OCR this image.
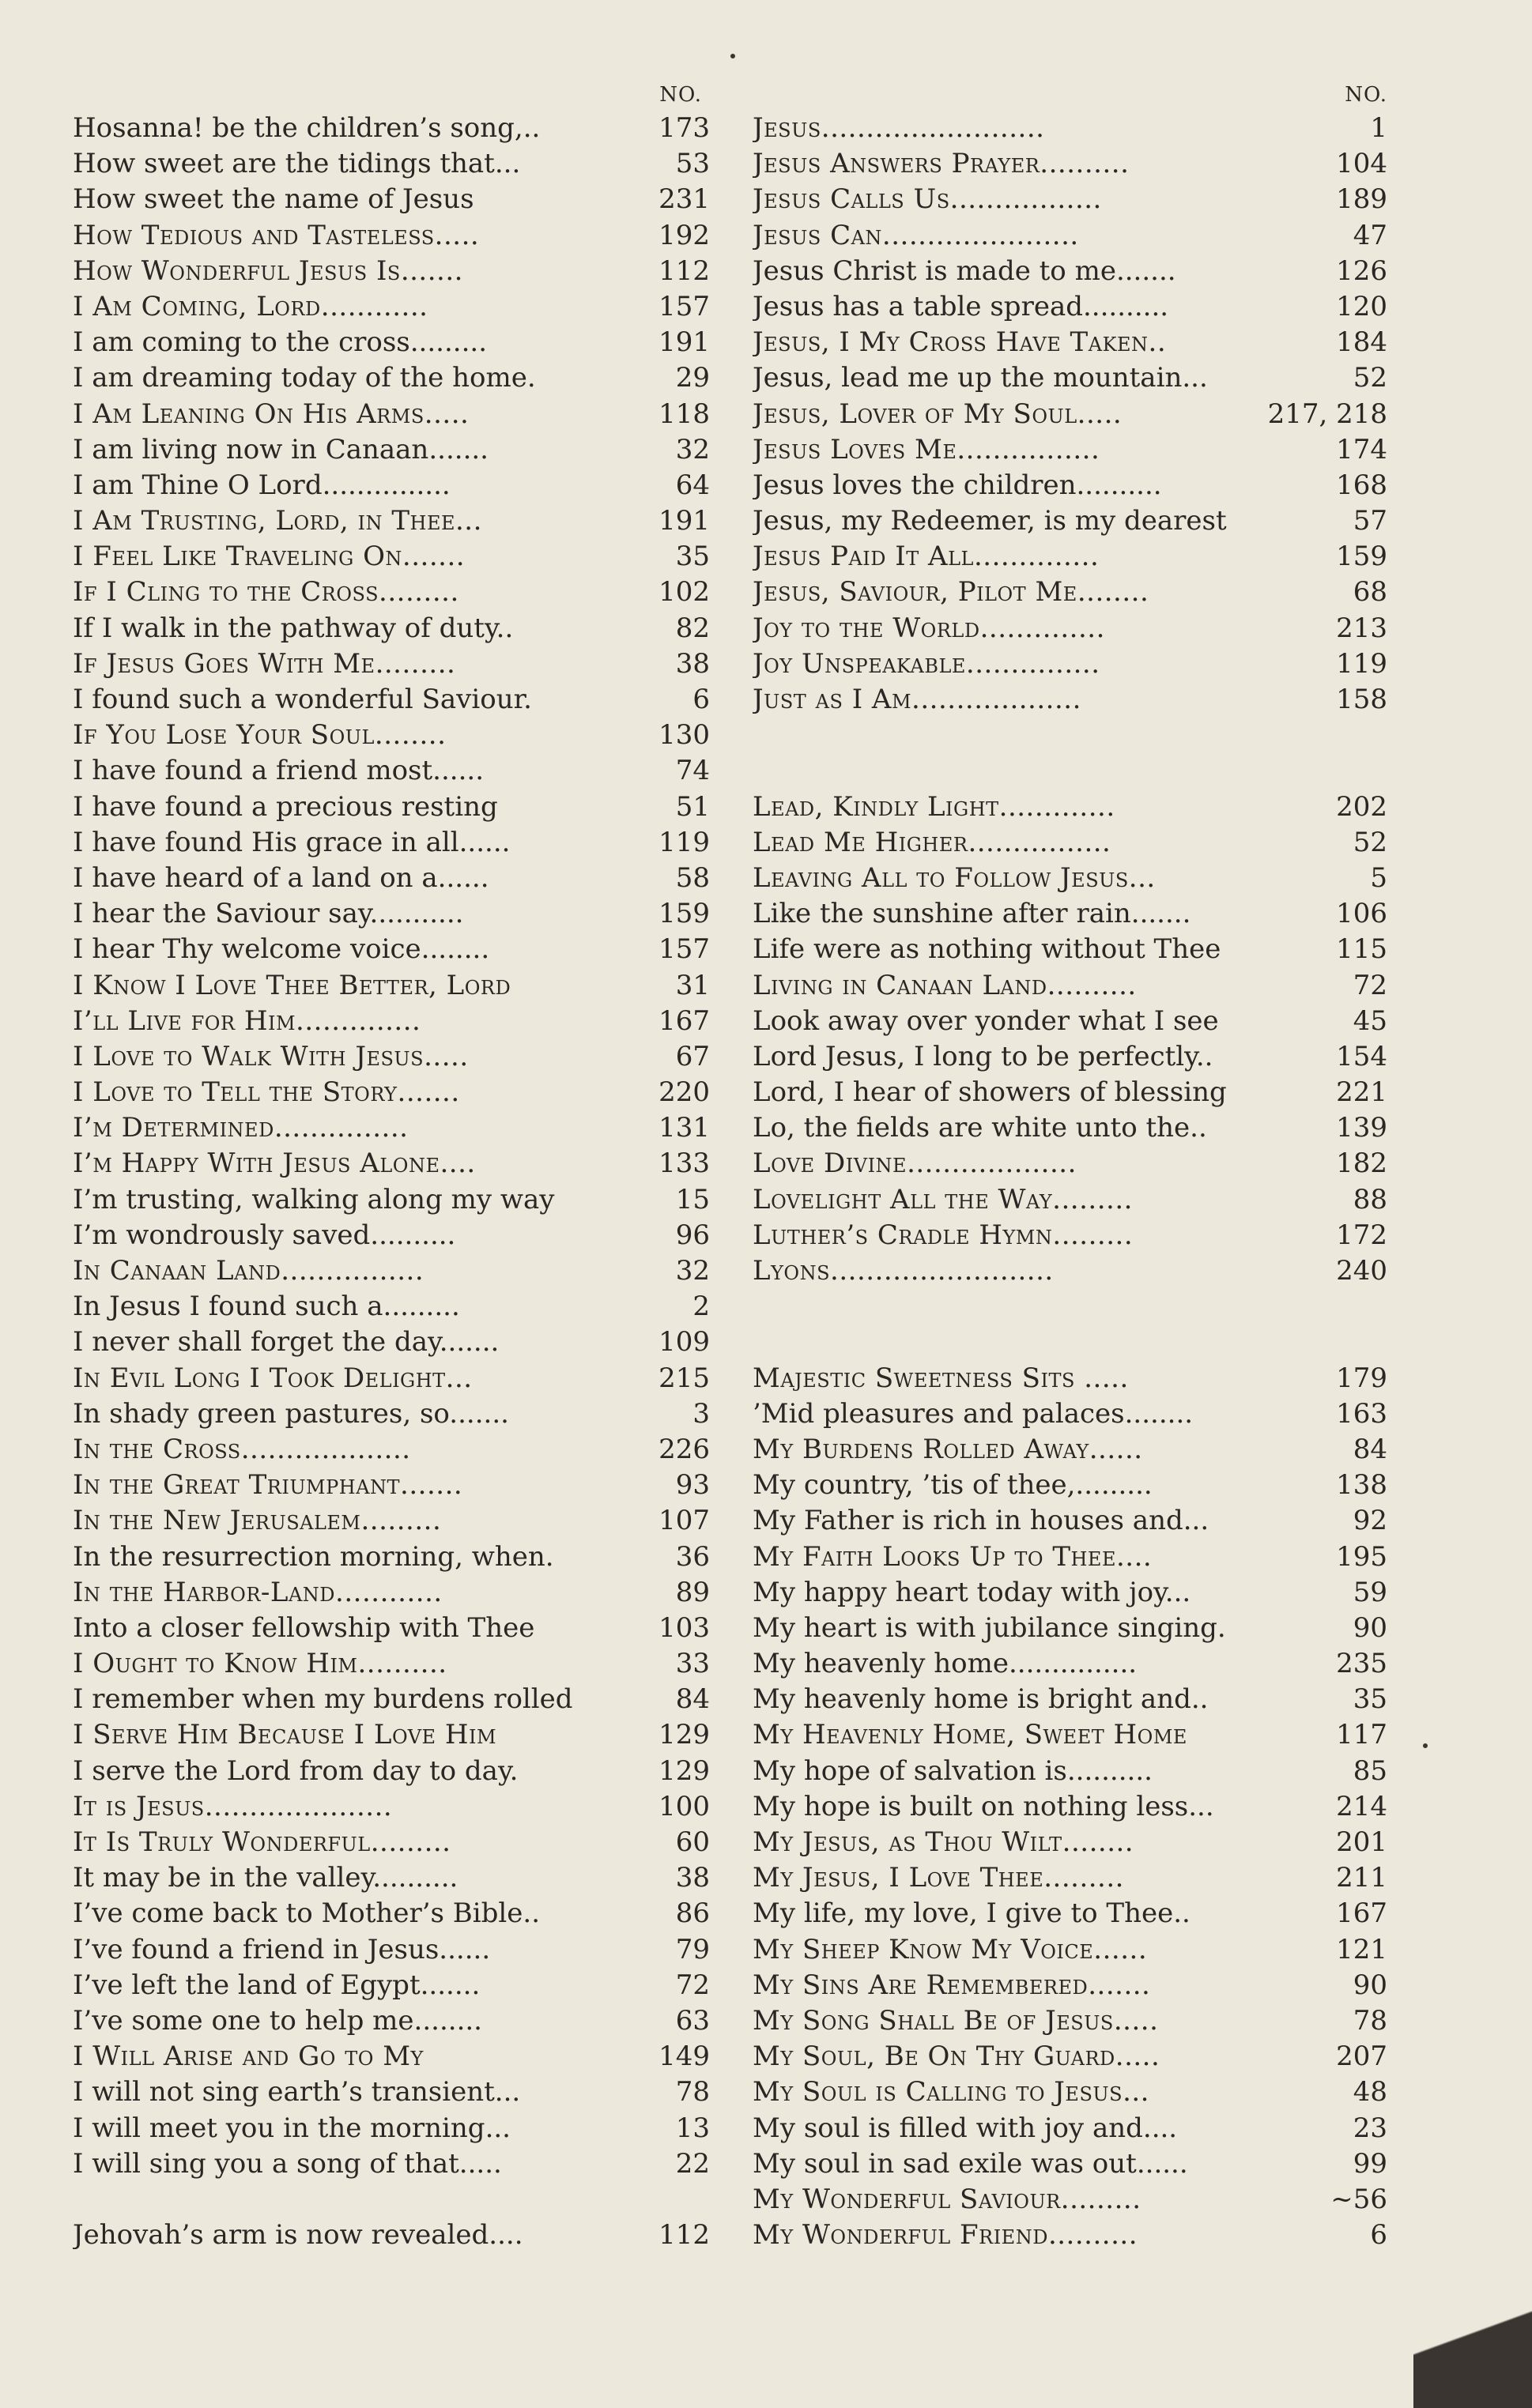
NO.
Hosanna! be the children’s song,..	173
How sweet are the tidings that...	53
How sweet the name of Jesus	231
How Tedious and Tasteless.....	192
How Wonderful Jesus Is.......	112
I Am Coming, Lord............	157
I am coming to the cross.........	191
I am dreaming today of the home.	29
I Am Leaning On His Arms.....	118
I am living now in Canaan.......	32
I am Thine O Lord...............	64
I Am Trusting, Lord, in Thee...	191
I Feel Like Traveling On.......	35
If I Cling to the Cross.........	102
If I walk in the pathway of duty..	82
If Jesus Goes With Me.........	38
I found such a wonderful Saviour.	6
If You Lose Your Soul........	130
I have found a friend most......	74
I have found a precious resting	51
I have found His grace in all......	119
I have heard of a land on a......	58
I hear the Saviour say...........	159
I hear Thy welcome voice........	157
I Know I Love Thee Better, Lord	31
I’ll Live for Him..............	167
I Love to Walk With Jesus.....	67
I Love to Tell the Story.......	220
I’m Determined...............	131
I’m Happy With Jesus Alone....	133
I’m trusting, walking along my way	15
I’m wondrously saved..........	96
In Canaan Land................	32
In Jesus I found such a.........	2
I never shall forget the day.......	109
In Evil Long I Took Delight...	215
In shady green pastures, so.......	3
In the Cross...................	226
In the Great Triumphant.......	93
In the New Jerusalem.........	107
In the resurrection morning, when.	36
In the Harbor-Land............	89
Into a closer fellowship with Thee	103
I Ought to Know Him..........	33
I remember when my burdens rolled	84
I Serve Him Because I Love Him	129
I serve the Lord from day to day.	129
It is Jesus.....................	100
It Is Truly Wonderful.........	60
It may be in the valley..........	38
I’ve come back to Mother’s Bible..	86
I’ve found a friend in Jesus......	79
I’ve left the land of Egypt.......	72
I’ve some one to help me........	63
I Will Arise and Go to My	149
I will not sing earth’s transient...	78
I will meet you in the morning...	13
I will sing you a song of that.....	22
Jehovah’s arm is now revealed....	112
NO.
Jesus.........................	1
Jesus Answers Prayer..........	104
Jesus Calls Us.................	189
Jesus Can......................	47
Jesus Christ is made to me.......	126
Jesus has a table spread..........	120
Jesus, I My Cross Have Taken..	184
Jesus, lead me up the mountain...	52
Jesus, Lover of My Soul.....	217, 218
Jesus Loves Me................	174
Jesus loves the children..........	168
Jesus, my Redeemer, is my dearest	57
Jesus Paid It All..............	159
Jesus, Saviour, Pilot Me........	68
Joy to the World..............	213
Joy Unspeakable...............	119
Just as I Am...................	158
Lead, Kindly Light.............	202
Lead Me Higher................	52
Leaving All to Follow Jesus...	5
Like the sunshine after rain.......	106
Life were as nothing without Thee	115
Living in Canaan Land..........	72
Look away over yonder what I see	45
Lord Jesus, I long to be perfectly..	154
Lord, I hear of showers of blessing	221
Lo, the fields are white unto the..	139
Love Divine...................	182
Lovelight All the Way.........	88
Luther’s Cradle Hymn.........	172
Lyons.........................	240
Majestic Sweetness Sits .....	179
’Mid pleasures and palaces........	163
My Burdens Rolled Away......	84
My country, ’tis of thee,.........	138
My Father is rich in houses and...	92
My Faith Looks Up to Thee....	195
My happy heart today with joy...	59
My heart is with jubilance singing.	90
My heavenly home...............	235
My heavenly home is bright and..	35
My Heavenly Home, Sweet Home	117
My hope of salvation is..........	85
My hope is built on nothing less...	214
My Jesus, as Thou Wilt........	201
My Jesus, I Love Thee.........	211
My life, my love, I give to Thee..	167
My Sheep Know My Voice......	121
My Sins Are Remembered.......	90
My Song Shall Be of Jesus.....	78
My Soul, Be On Thy Guard.....	207
My Soul is Calling to Jesus...	48
My soul is filled with joy and....	23
My soul in sad exile was out......	99
My Wonderful Saviour.........	~56
My Wonderful Friend..........	6
